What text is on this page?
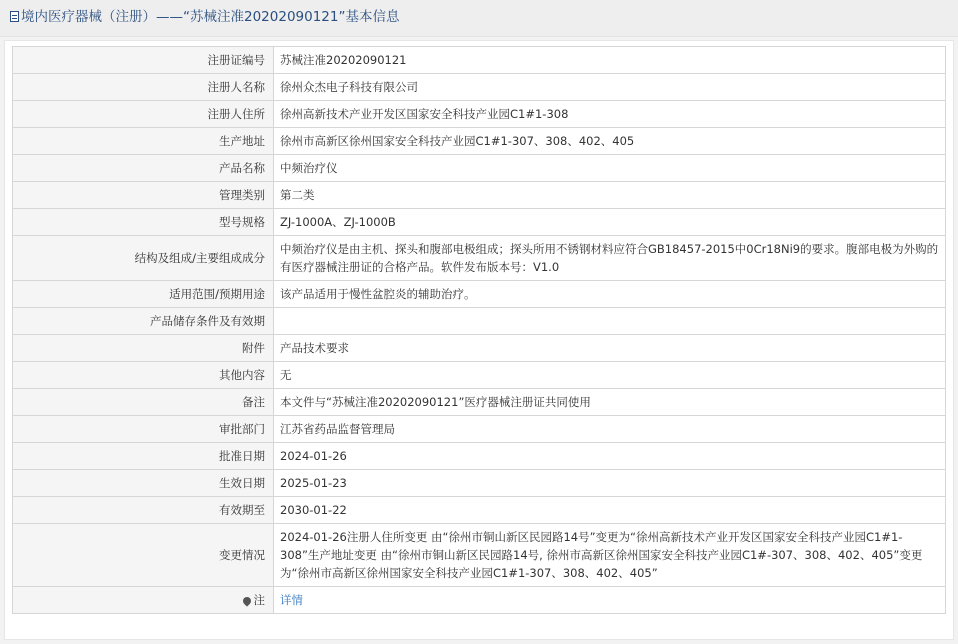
境内医疗器械（注册）——“苏械注准20202090121”基本信息
注册证编号	苏械注准20202090121
注册人名称	徐州众杰电子科技有限公司
注册人住所	徐州高新技术产业开发区国家安全科技产业园C1#1-308
生产地址	徐州市高新区徐州国家安全科技产业园C1#1-307、308、402、405
产品名称	中频治疗仪
管理类别	第二类
型号规格	ZJ-1000A、ZJ-1000B
结构及组成/主要组成成分	中频治疗仪是由主机、探头和腹部电极组成；探头所用不锈钢材料应符合GB18457-2015中0Cr18Ni9的要求。腹部电极为外购的有医疗器械注册证的合格产品。软件发布版本号：V1.0
适用范围/预期用途	该产品适用于慢性盆腔炎的辅助治疗。
产品储存条件及有效期	
附件	产品技术要求
其他内容	无
备注	本文件与“苏械注准20202090121”医疗器械注册证共同使用
审批部门	江苏省药品监督管理局
批准日期	2024-01-26
生效日期	2025-01-23
有效期至	2030-01-22
变更情况	2024-01-26注册人住所变更 由“徐州市铜山新区民园路14号”变更为“徐州高新技术产业开发区国家安全科技产业园C1#1-308”生产地址变更 由“徐州市铜山新区民园路14号, 徐州市高新区徐州国家安全科技产业园C1#-307、308、402、405”变更为“徐州市高新区徐州国家安全科技产业园C1#1-307、308、402、405”
注	详情
